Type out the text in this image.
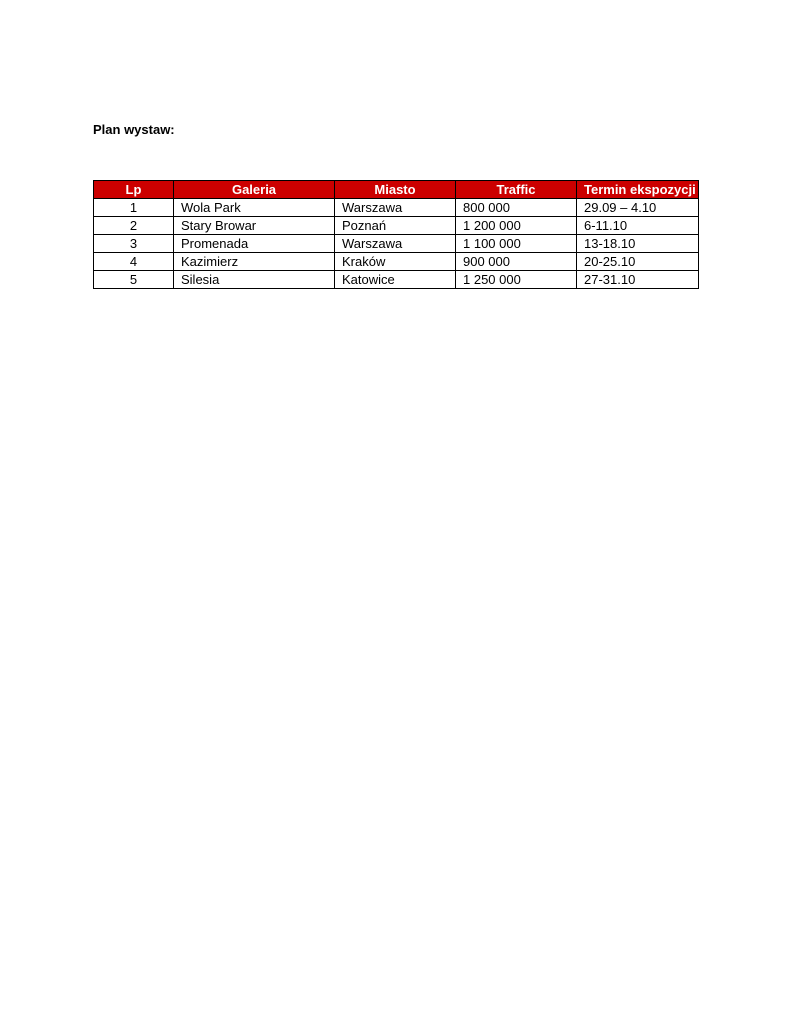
Plan wystaw:
Lp	Galeria	Miasto	Traffic	Termin ekspozycji
1	Wola Park	Warszawa	800 000	29.09 – 4.10
2	Stary Browar	Poznań	1 200 000	6-11.10
3	Promenada	Warszawa	1 100 000	13-18.10
4	Kazimierz	Kraków	900 000	20-25.10
5	Silesia	Katowice	1 250 000	27-31.10
